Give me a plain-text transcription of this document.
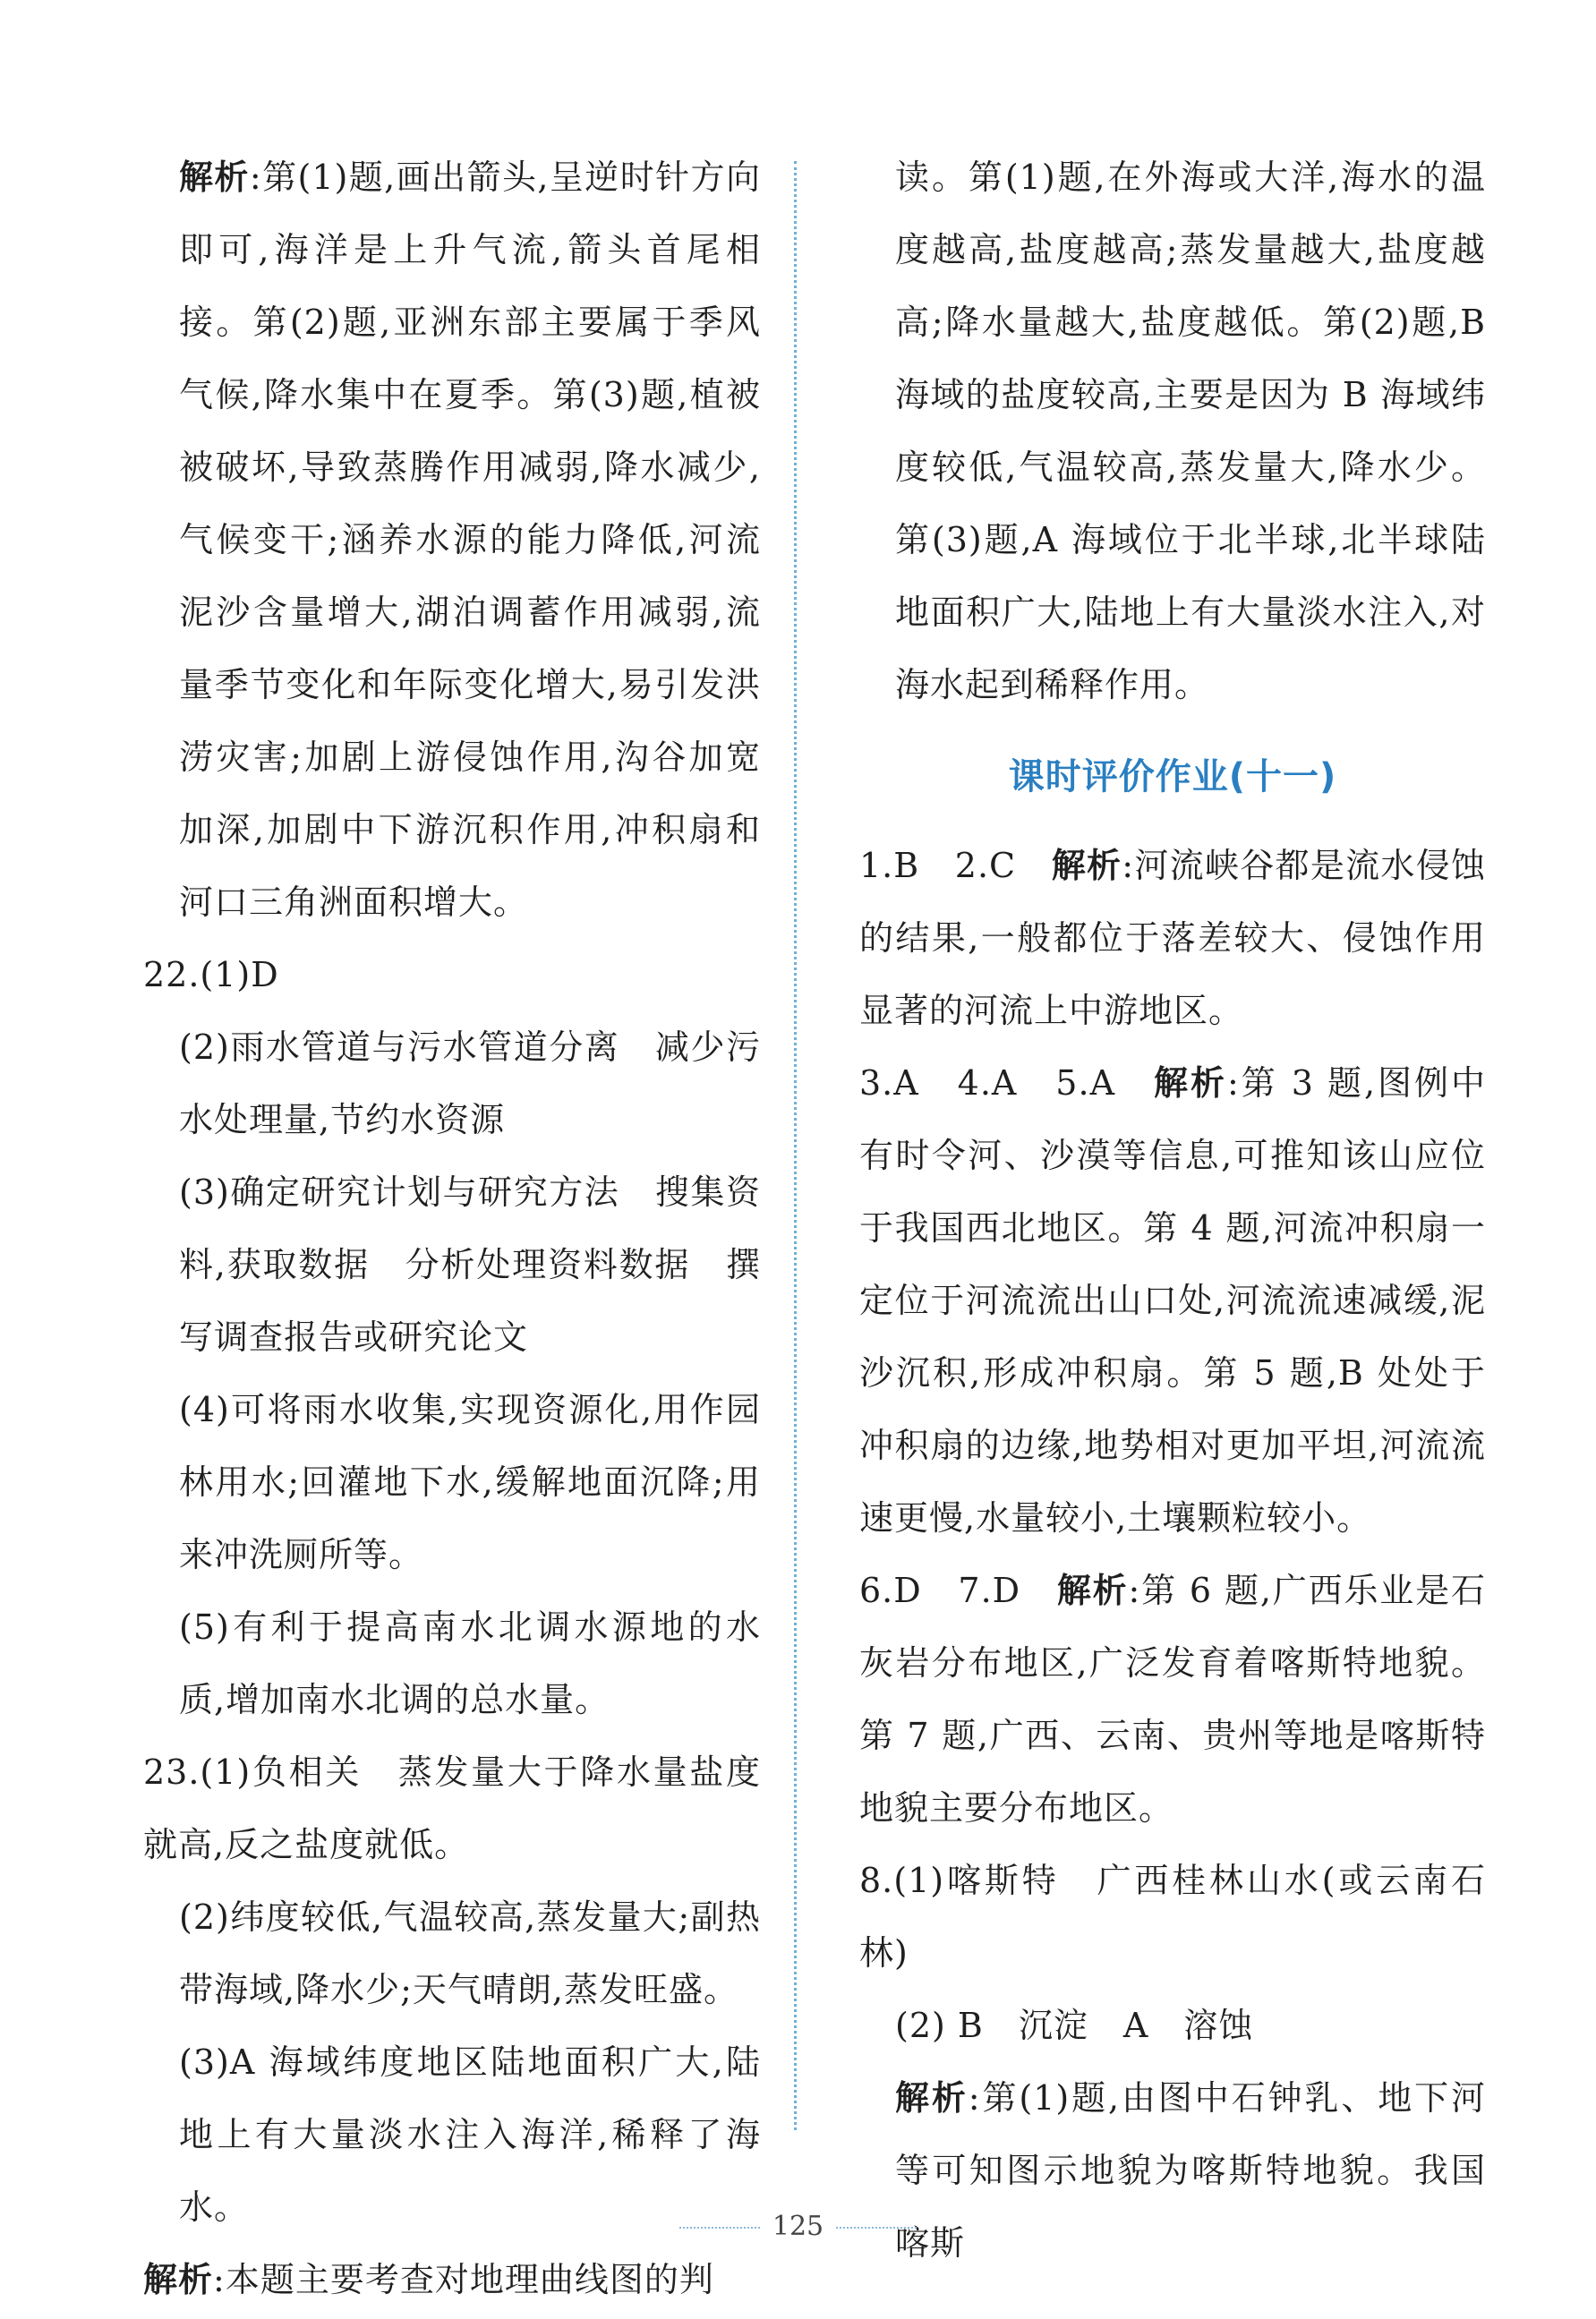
解析:第(1)题,画出箭头,呈逆时针方向即可,海洋是上升气流,箭头首尾相接。第(2)题,亚洲东部主要属于季风气候,降水集中在夏季。第(3)题,植被被破坏,导致蒸腾作用减弱,降水减少,气候变干;涵养水源的能力降低,河流泥沙含量增大,湖泊调蓄作用减弱,流量季节变化和年际变化增大,易引发洪涝灾害;加剧上游侵蚀作用,沟谷加宽加深,加剧中下游沉积作用,冲积扇和河口三角洲面积增大。

22.(1)D

(2)雨水管道与污水管道分离　减少污水处理量,节约水资源

(3)确定研究计划与研究方法　搜集资料,获取数据　分析处理资料数据　撰写调查报告或研究论文

(4)可将雨水收集,实现资源化,用作园林用水;回灌地下水,缓解地面沉降;用来冲洗厕所等。

(5)有利于提高南水北调水源地的水质,增加南水北调的总水量。

23.(1)负相关　蒸发量大于降水量盐度就高,反之盐度就低。

(2)纬度较低,气温较高,蒸发量大;副热带海域,降水少;天气晴朗,蒸发旺盛。

(3)A 海域纬度地区陆地面积广大,陆地上有大量淡水注入海洋,稀释了海水。

解析:本题主要考查对地理曲线图的判

读。第(1)题,在外海或大洋,海水的温度越高,盐度越高;蒸发量越大,盐度越高;降水量越大,盐度越低。第(2)题,B 海域的盐度较高,主要是因为 B 海域纬度较低,气温较高,蒸发量大,降水少。第(3)题,A 海域位于北半球,北半球陆地面积广大,陆地上有大量淡水注入,对海水起到稀释作用。

课时评价作业(十一)

1.B　2.C　解析:河流峡谷都是流水侵蚀的结果,一般都位于落差较大、侵蚀作用显著的河流上中游地区。

3.A　4.A　5.A　解析:第 3 题,图例中有时令河、沙漠等信息,可推知该山应位于我国西北地区。第 4 题,河流冲积扇一定位于河流流出山口处,河流流速减缓,泥沙沉积,形成冲积扇。第 5 题,B 处处于冲积扇的边缘,地势相对更加平坦,河流流速更慢,水量较小,土壤颗粒较小。

6.D　7.D　解析:第 6 题,广西乐业是石灰岩分布地区,广泛发育着喀斯特地貌。第 7 题,广西、云南、贵州等地是喀斯特地貌主要分布地区。

8.(1)喀斯特　广西桂林山水(或云南石林)

(2) B　沉淀　A　溶蚀

解析:第(1)题,由图中石钟乳、地下河等可知图示地貌为喀斯特地貌。我国喀斯

125
